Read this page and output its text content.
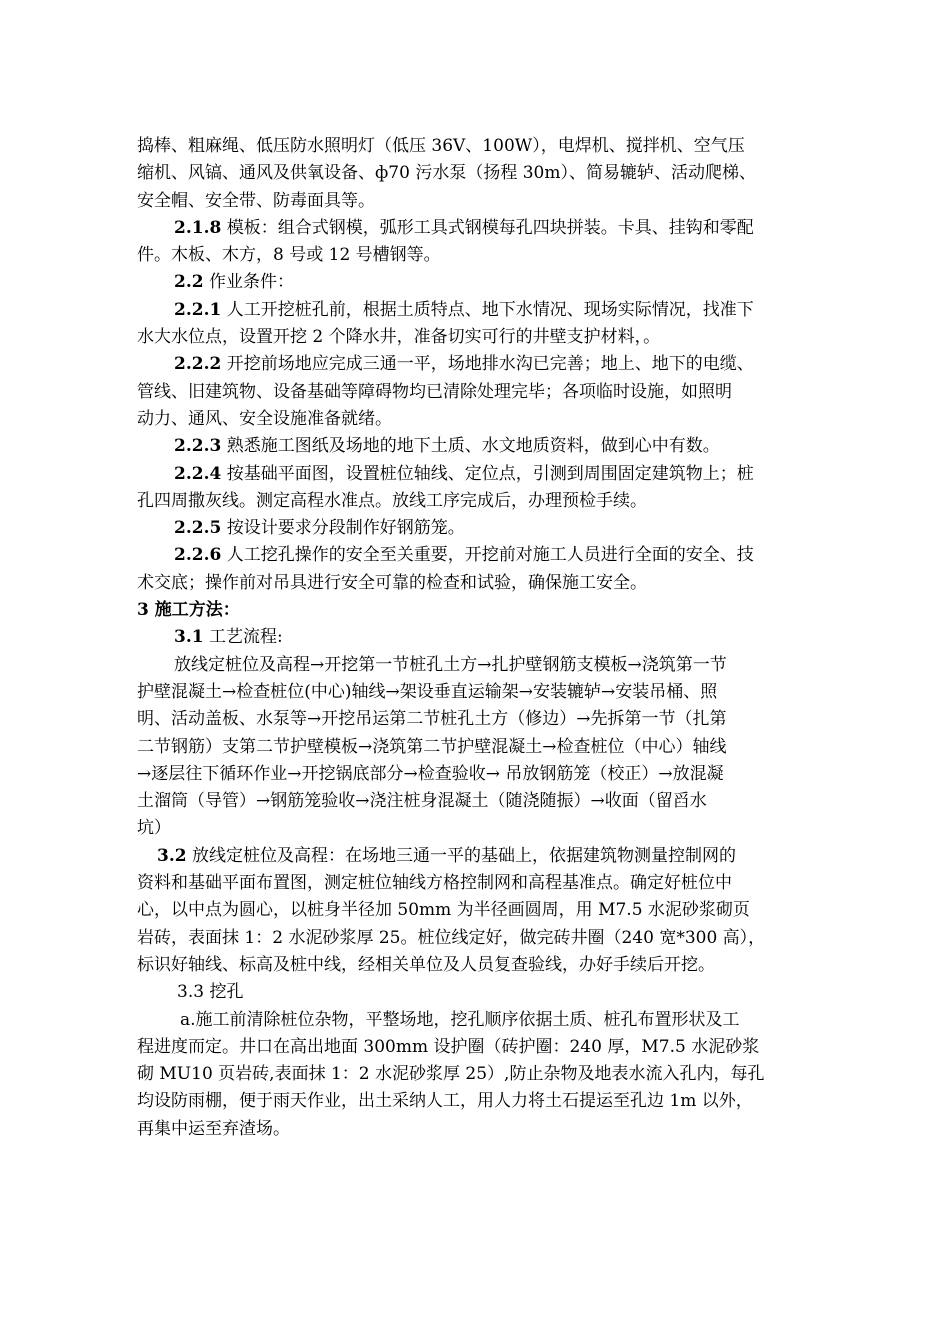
捣棒、粗麻绳、低压防水照明灯（低压 36V、100W），电焊机、搅拌机、空气压
缩机、风镐、通风及供氧设备、ф70 污水泵（扬程 30m）、简易辘轳、活动爬梯、
安全帽、安全带、防毒面具等。
2.1.8 模板：组合式钢模，弧形工具式钢模每孔四块拼装。卡具、挂钩和零配
件。木板、木方，8 号或 12 号槽钢等。
2.2 作业条件：
2.2.1 人工开挖桩孔前，根据土质特点、地下水情况、现场实际情况，找准下
水大水位点，设置开挖 2 个降水井，准备切实可行的井壁支护材料，。
2.2.2 开挖前场地应完成三通一平，场地排水沟已完善；地上、地下的电缆、
管线、旧建筑物、设备基础等障碍物均已清除处理完毕；各项临时设施，如照明
动力、通风、安全设施准备就绪。
2.2.3 熟悉施工图纸及场地的地下土质、水文地质资料，做到心中有数。
2.2.4 按基础平面图，设置桩位轴线、定位点，引测到周围固定建筑物上；桩
孔四周撒灰线。测定高程水准点。放线工序完成后，办理预检手续。
2.2.5 按设计要求分段制作好钢筋笼。
2.2.6 人工挖孔操作的安全至关重要，开挖前对施工人员进行全面的安全、技
术交底；操作前对吊具进行安全可靠的检查和试验，确保施工安全。
3 施工方法：
3.1 工艺流程:
放线定桩位及高程→开挖第一节桩孔土方→扎护壁钢筋支模板→浇筑第一节
护壁混凝土→检查桩位(中心)轴线→架设垂直运输架→安装辘轳→安装吊桶、照
明、活动盖板、水泵等→开挖吊运第二节桩孔土方（修边）→先拆第一节（扎第
二节钢筋）支第二节护壁模板→浇筑第二节护壁混凝土→检查桩位（中心）轴线
→逐层往下循环作业→开挖锅底部分→检查验收→ 吊放钢筋笼（校正）→放混凝
土溜筒（导管）→钢筋笼验收→浇注桩身混凝土（随浇随振）→收面（留舀水
坑）
3.2 放线定桩位及高程：在场地三通一平的基础上，依据建筑物测量控制网的
资料和基础平面布置图，测定桩位轴线方格控制网和高程基准点。确定好桩位中
心，以中点为圆心，以桩身半径加 50mm 为半径画圆周，用 M7.5 水泥砂浆砌页
岩砖，表面抹 1：2 水泥砂浆厚 25。桩位线定好，做完砖井圈（240 宽*300 高），
标识好轴线、标高及桩中线，经相关单位及人员复查验线，办好手续后开挖。
3.3 挖孔
a.施工前清除桩位杂物，平整场地，挖孔顺序依据土质、桩孔布置形状及工
程进度而定。井口在高出地面 300mm 设护圈（砖护圈：240 厚，M7.5 水泥砂浆
砌 MU10 页岩砖,表面抹 1：2 水泥砂浆厚 25）,防止杂物及地表水流入孔内，每孔
均设防雨棚，便于雨天作业，出土采纳人工，用人力将土石提运至孔边 1m 以外，
再集中运至弃渣场。
